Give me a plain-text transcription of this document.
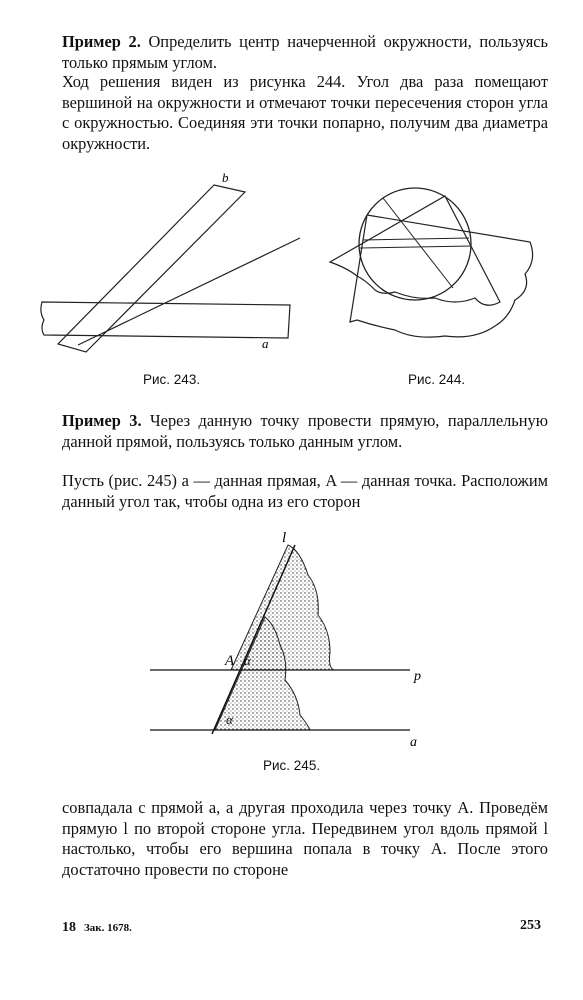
Пример 2. Определить центр начерченной окружности, пользуясь только прямым углом.

Ход решения виден из рисунка 244. Угол два раза помещают вершиной на окружности и отмечают точки пересечения сторон угла с окружностью. Соединяя эти точки попарно, получим два диаметра окружности.

b
a
Рис. 243.	Рис. 244.

Пример 3. Через данную точку провести прямую, параллельную данной прямой, пользуясь только данным углом.

Пусть (рис. 245) a — данная прямая, A — данная точка. Расположим данный угол так, чтобы одна из его сторон

l
A α
α
p
a
Рис. 245.

совпадала с прямой a, а другая проходила через точку A. Проведём прямую l по второй стороне угла. Передвинем угол вдоль прямой l настолько, чтобы его вершина попала в точку A. После этого достаточно провести по стороне

18 Зак. 1678.	253
